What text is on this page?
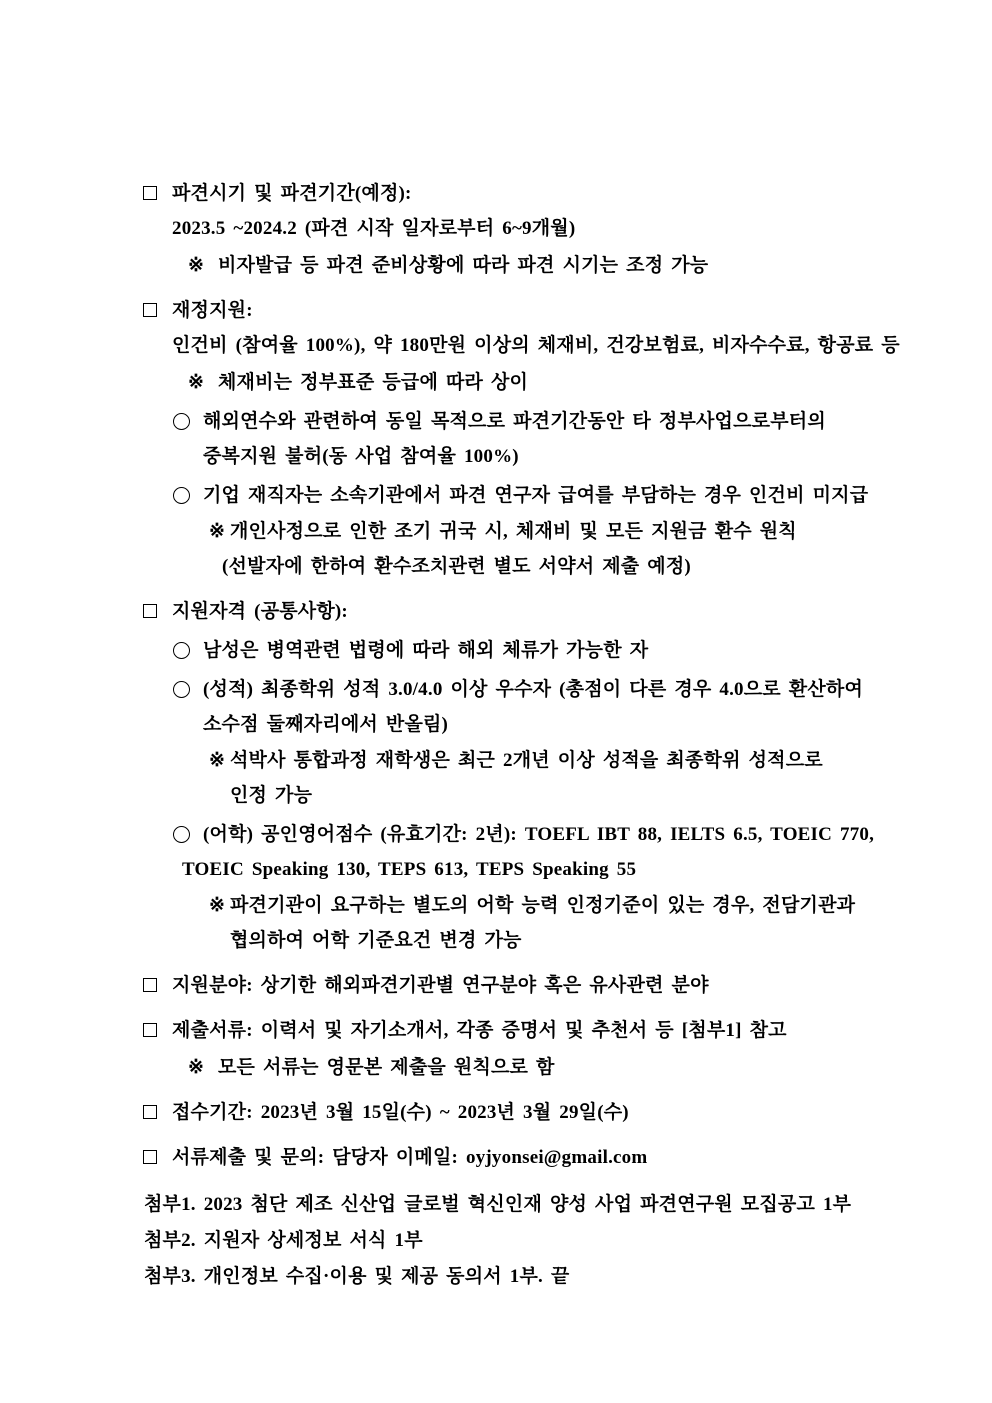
파견시기 및 파견기간(예정):
2023.5 ~2024.2 (파견 시작 일자로부터 6~9개월)
※ 비자발급 등 파견 준비상황에 따라 파견 시기는 조정 가능
재정지원:
인건비 (참여율 100%), 약 180만원 이상의 체재비, 건강보험료, 비자수수료, 항공료 등
※ 체재비는 정부표준 등급에 따라 상이
해외연수와 관련하여 동일 목적으로 파견기간동안 타 정부사업으로부터의
중복지원 불허(동 사업 참여율 100%)
기업 재직자는 소속기관에서 파견 연구자 급여를 부담하는 경우 인건비 미지급
※ 개인사정으로 인한 조기 귀국 시, 체재비 및 모든 지원금 환수 원칙
(선발자에 한하여 환수조치관련 별도 서약서 제출 예정)
지원자격 (공통사항):
남성은 병역관련 법령에 따라 해외 체류가 가능한 자
(성적) 최종학위 성적 3.0/4.0 이상 우수자 (총점이 다른 경우 4.0으로 환산하여
소수점 둘째자리에서 반올림)
※ 석박사 통합과정 재학생은 최근 2개년 이상 성적을 최종학위 성적으로
인정 가능
(어학) 공인영어점수 (유효기간: 2년): TOEFL IBT 88, IELTS 6.5, TOEIC 770,
TOEIC Speaking 130, TEPS 613, TEPS Speaking 55
※ 파견기관이 요구하는 별도의 어학 능력 인정기준이 있는 경우, 전담기관과
협의하여 어학 기준요건 변경 가능
지원분야: 상기한 해외파견기관별 연구분야 혹은 유사관련 분야
제출서류: 이력서 및 자기소개서, 각종 증명서 및 추천서 등 [첨부1] 참고
※ 모든 서류는 영문본 제출을 원칙으로 함
접수기간: 2023년 3월 15일(수) ~ 2023년 3월 29일(수)
서류제출 및 문의: 담당자 이메일: oyjyonsei@gmail.com
첨부1. 2023 첨단 제조 신산업 글로벌 혁신인재 양성 사업 파견연구원 모집공고 1부
첨부2. 지원자 상세정보 서식 1부
첨부3. 개인정보 수집·이용 및 제공 동의서 1부. 끝
